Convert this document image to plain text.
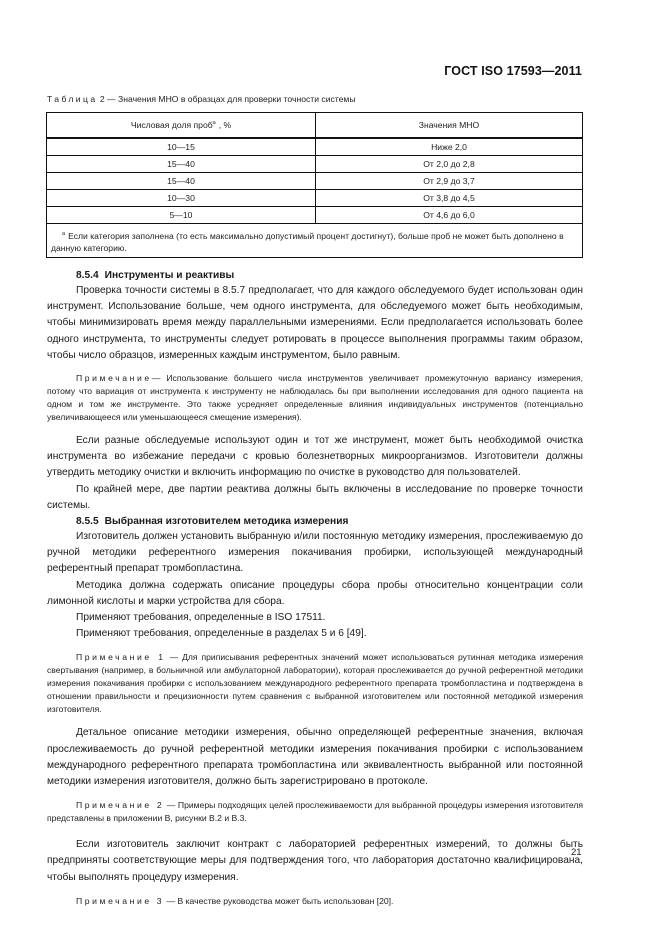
ГОСТ ISO 17593—2011
Таблица 2 — Значения МНО в образцах для проверки точности системы
Числовая доля проб$^а$ , %	Значения МНО
10—15	Ниже 2,0
15—40	От 2,0 до 2,8
15—40	От 2,9 до 3,7
10—30	От 3,8 до 4,5
5—10	От 4,6 до 6,0
$^а$ Если категория заполнена (то есть максимально допустимый процент достигнут), больше проб не может быть дополнено в данную категорию.	
8.5.4 Инструменты и реактивы

Проверка точности системы в 8.5.7 предполагает, что для каждого обследуемого будет использован один инструмент. Использование больше, чем одного инструмента, для обследуемого может быть необходимым, чтобы минимизировать время между параллельными измерениями. Если предполагается использовать более одного инструмента, то инструменты следует ротировать в процессе выполнения программы таким образом, чтобы число образцов, измеренных каждым инструментом, было равным.

Примечание— Использование большего числа инструментов увеличивает промежуточную вариансу измерения, потому что вариация от инструмента к инструменту не наблюдалась бы при выполнении исследования для одного пациента на одном и том же инструменте. Это также усредняет определенные влияния индивидуальных инструментов (потенциально увеличивающееся или уменьшающееся смещение измерения).

Если разные обследуемые используют один и тот же инструмент, может быть необходимой очистка инструмента во избежание передачи с кровью болезнетворных микроорганизмов. Изготовители должны утвердить методику очистки и включить информацию по очистке в руководство для пользователей.

По крайней мере, две партии реактива должны быть включены в исследование по проверке точности системы.

8.5.5 Выбранная изготовителем методика измерения

Изготовитель должен установить выбранную и/или постоянную методику измерения, прослеживаемую до ручной методики референтного измерения покачивания пробирки, использующей международный референтный препарат тромбопластина.

Методика должна содержать описание процедуры сбора пробы относительно концентрации соли лимонной кислоты и марки устройства для сбора.

Применяют требования, определенные в ISO 17511.

Применяют требования, определенные в разделах 5 и 6 [49].

Примечание 1 — Для приписывания референтных значений может использоваться рутинная методика измерения свертывания (например, в больничной или амбулаторной лаборатории), которая прослеживается до ручной референтной методики измерения покачивания пробирки с использованием международного референтного препарата тромбопластина и подтверждена в отношении правильности и прецизионности путем сравнения с выбранной изготовителем или постоянной методикой измерения изготовителя.

Детальное описание методики измерения, обычно определяющей референтные значения, включая прослеживаемость до ручной референтной методики измерения покачивания пробирки с использованием международного референтного препарата тромбопластина или эквивалентность выбранной или постоянной методики измерения изготовителя, должно быть зарегистрировано в протоколе.

Примечание 2 — Примеры подходящих целей прослеживаемости для выбранной процедуры измерения изготовителя представлены в приложении В, рисунки В.2 и В.3.

Если изготовитель заключит контракт с лабораторией референтных измерений, то должны быть предприняты соответствующие меры для подтверждения того, что лаборатория достаточно квалифицирована, чтобы выполнять процедуру измерения.

Примечание 3 — В качестве руководства может быть использован [20].

21
